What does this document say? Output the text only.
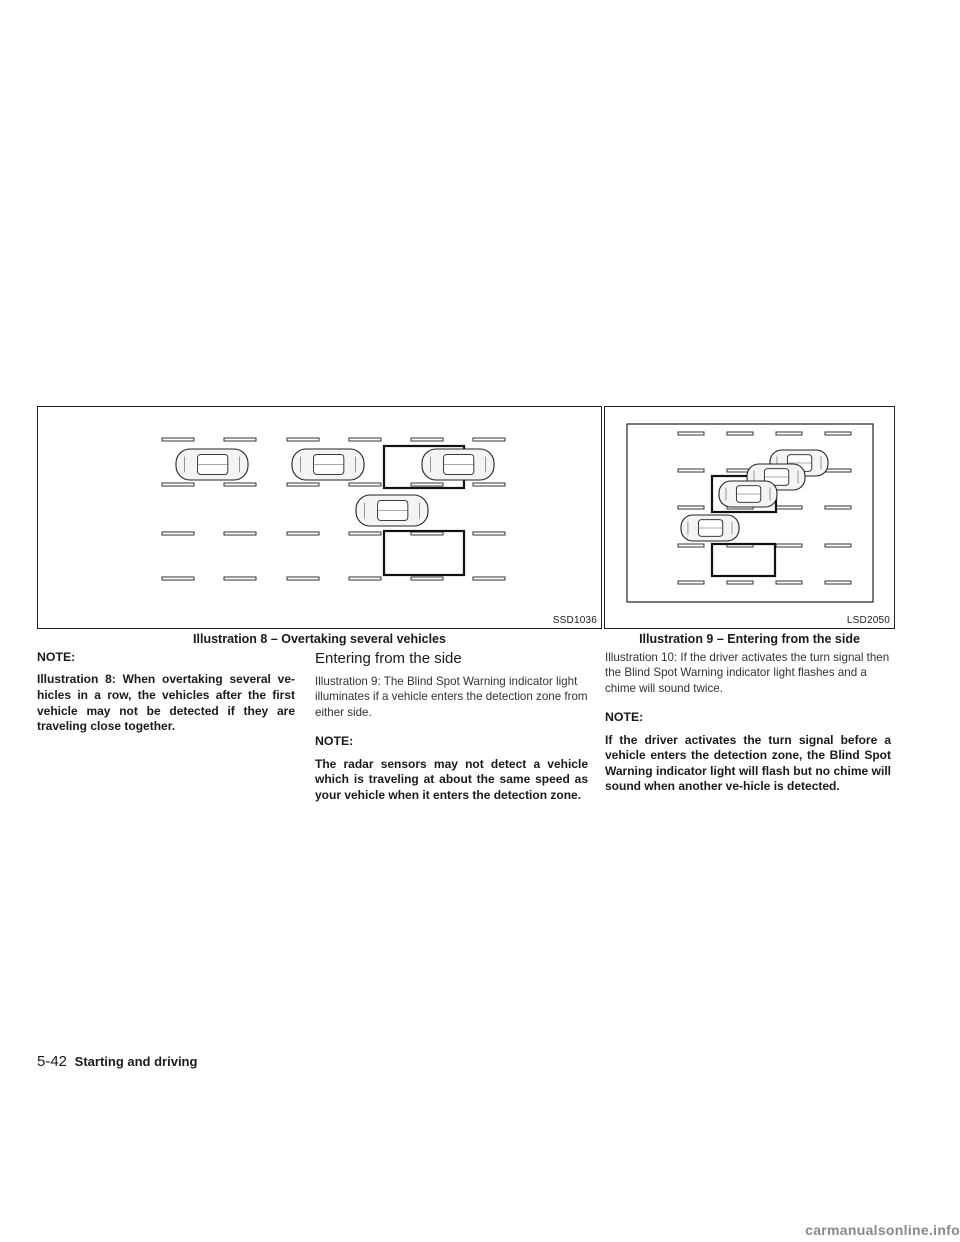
SSD1036
Illustration 8 – Overtaking several vehicles
LSD2050
Illustration 9 – Entering from the side

NOTE:

Illustration 8: When overtaking several ve-hicles in a row, the vehicles after the first vehicle may not be detected if they are traveling close together.

Entering from the side

Illustration 9: The Blind Spot Warning indicator light illuminates if a vehicle enters the detection zone from either side.

NOTE:

The radar sensors may not detect a vehicle which is traveling at about the same speed as your vehicle when it enters the detection zone.

Illustration 10: If the driver activates the turn signal then the Blind Spot Warning indicator light flashes and a chime will sound twice.

NOTE:

If the driver activates the turn signal before a vehicle enters the detection zone, the Blind Spot Warning indicator light will flash but no chime will sound when another ve-hicle is detected.

5-42 Starting and driving
carmanualsonline.info
